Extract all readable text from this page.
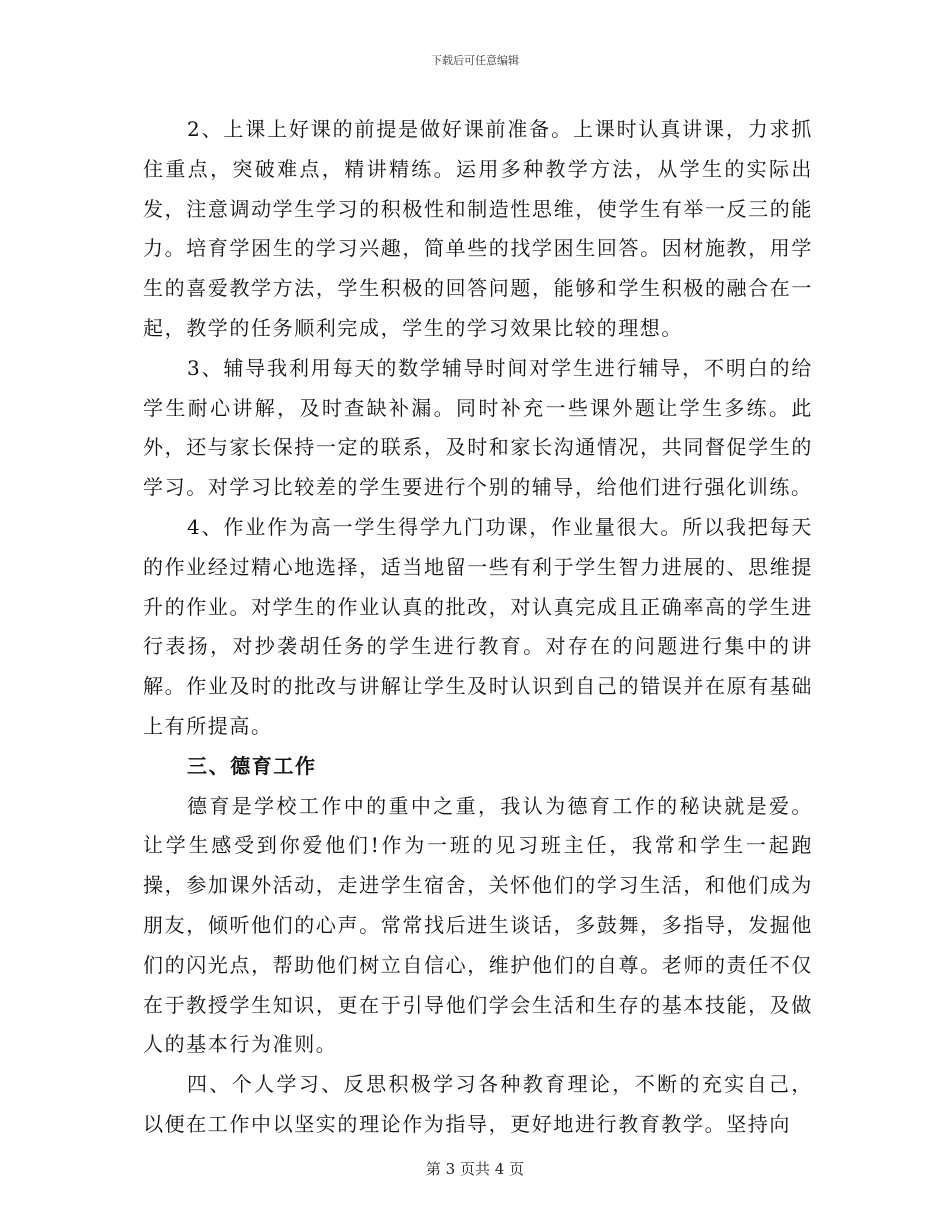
下载后可任意编辑

2、上课上好课的前提是做好课前准备。上课时认真讲课，力求抓住重点，突破难点，精讲精练。运用多种教学方法，从学生的实际出发，注意调动学生学习的积极性和制造性思维，使学生有举一反三的能力。培育学困生的学习兴趣，简单些的找学困生回答。因材施教，用学生的喜爱教学方法，学生积极的回答问题，能够和学生积极的融合在一起，教学的任务顺利完成，学生的学习效果比较的理想。

3、辅导我利用每天的数学辅导时间对学生进行辅导，不明白的给学生耐心讲解，及时查缺补漏。同时补充一些课外题让学生多练。此外，还与家长保持一定的联系，及时和家长沟通情况，共同督促学生的学习。对学习比较差的学生要进行个别的辅导，给他们进行强化训练。

4、作业作为高一学生得学九门功课，作业量很大。所以我把每天的作业经过精心地选择，适当地留一些有利于学生智力进展的、思维提升的作业。对学生的作业认真的批改，对认真完成且正确率高的学生进行表扬，对抄袭胡任务的学生进行教育。对存在的问题进行集中的讲解。作业及时的批改与讲解让学生及时认识到自己的错误并在原有基础上有所提高。

三、德育工作

德育是学校工作中的重中之重，我认为德育工作的秘诀就是爱。让学生感受到你爱他们!作为一班的见习班主任，我常和学生一起跑操，参加课外活动，走进学生宿舍，关怀他们的学习生活，和他们成为朋友，倾听他们的心声。常常找后进生谈话，多鼓舞，多指导，发掘他们的闪光点，帮助他们树立自信心，维护他们的自尊。老师的责任不仅在于教授学生知识，更在于引导他们学会生活和生存的基本技能，及做人的基本行为准则。

四、个人学习、反思积极学习各种教育理论，不断的充实自己，以便在工作中以坚实的理论作为指导，更好地进行教育教学。坚持向

第 3 页共 4 页
